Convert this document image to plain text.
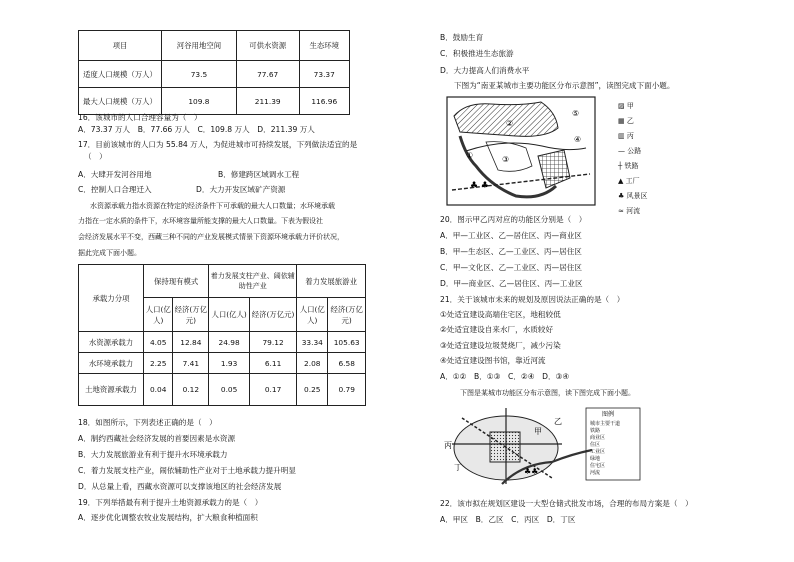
项目	河谷用地空间	可供水资源	生态环境
适度人口规模（万人）	73.5	77.67	73.37
最大人口规模（万人）	109.8	211.39	116.96
16．该城市的人口合理容量为（　）
A．73.37 万人　B．77.66 万人　C．109.8 万人　D．211.39 万人
17．目前该城市的人口为 55.84 万人，为促进城市可持续发展，下列做法适宜的是
（　）
A．大肆开发河谷用地	B．修建跨区域调水工程
C．控制人口合理迁入	D．大力开发区域矿产资源
水资源承载力指水资源在特定的经济条件下可承载的最大人口数量；水环境承载
力指在一定水质的条件下，水环境容量所能支撑的最大人口数量。下表为假设社
会经济发展水平不变，西藏三种不同的产业发展模式情景下资源环境承载力评价状况，
据此完成下面小题。
承载力分项	保持现有模式		着力发展支柱产业、阔依辅助性产业		着力发展旅游业	
	人口(亿人)	经济(万亿元)	人口(亿人)	经济(万亿元)	人口(亿人)	经济(万亿元)
水资源承载力	4.05	12.84	24.98	79.12	33.34	105.63
水环境承载力	2.25	7.41	1.93	6.11	2.08	6.58
土地资源承载力	0.04	0.12	0.05	0.17	0.25	0.79
18．如图所示，下列表述正确的是（　）
A．制约西藏社会经济发展的首要因素是水资源
B．大力发展旅游业有利于提升水环境承载力
C．着力发展支柱产业，闹依辅助性产业对于土地承载力提升明显
D．从总量上看，西藏水资源可以支撑该地区的社会经济发展
19．下列举措最有利于提升土地资源承载力的是（　）
A．逐步优化调整农牧业发展结构，扩大粮食种植面积
B．鼓励生育
C．积极推进生态旅游
D．大力提高人们消费水平
下图为“南亚某城市主要功能区分布示意图”，读图完成下面小题。
①
②
③
④
⑤
♣ ♣
▨ 甲
▦ 乙
▥ 丙
— 公路
┼ 铁路
▲ 工厂
♣ 风景区
≈ 河流
20．图示甲乙丙对应的功能区分别是（　）
A．甲—工业区、乙—居住区、丙—商业区
B．甲—生态区、乙—工业区、丙—居住区
C．甲—文化区、乙—工业区、丙—居住区
D．甲—商业区、乙—居住区、丙—工业区
21．关于该城市未来的规划及原因说法正确的是（　）
①处适宜建设高端住宅区，地租较低
②处适宜建设自来水厂，水质较好
③处适宜建设垃圾焚烧厂，减少污染
④处适宜建设图书馆，靠近河流
A．①②　B．①③　C．②④　D．③④
下图是某城市功能区分布示意图，读下图完成下面小题。
甲
乙
丙
丁	♣♣
图例
城市主要干道
铁路
商业区
住区
工业区
绿地
住宅区
河流
22．该市拟在规划区建设一大型仓储式批发市场，合理的布局方案是（　）
A．甲区　B．乙区　C．丙区　D．丁区
